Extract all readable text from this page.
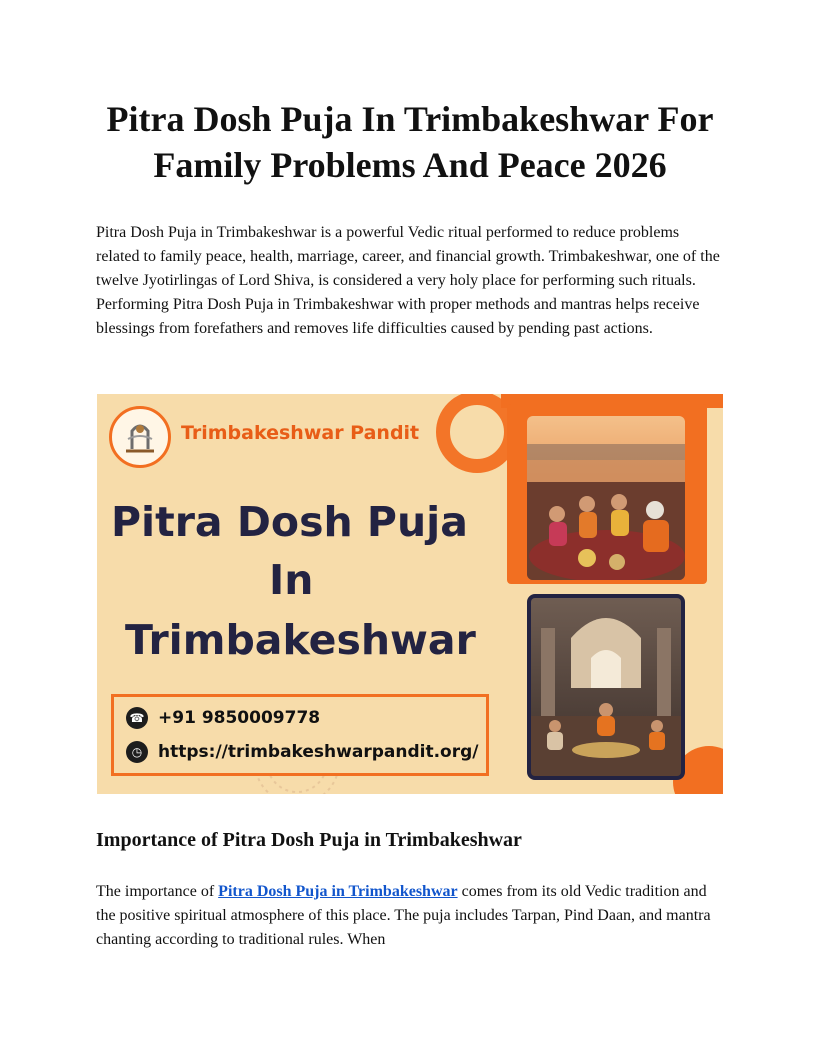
Pitra Dosh Puja In Trimbakeshwar For Family Problems And Peace 2026

Pitra Dosh Puja in Trimbakeshwar is a powerful Vedic ritual performed to reduce problems related to family peace, health, marriage, career, and financial growth. Trimbakeshwar, one of the twelve Jyotirlingas of Lord Shiva, is considered a very holy place for performing such rituals. Performing Pitra Dosh Puja in Trimbakeshwar with proper methods and mantras helps receive blessings from forefathers and removes life difficulties caused by pending past actions.

Trimbakeshwar Pandit
Pitra Dosh Puja
In
Trimbakeshwar
☎ +91 9850009778
◷ https://trimbakeshwarpandit.org/
Importance of Pitra Dosh Puja in Trimbakeshwar

The importance of Pitra Dosh Puja in Trimbakeshwar comes from its old Vedic tradition and the positive spiritual atmosphere of this place. The puja includes Tarpan, Pind Daan, and mantra chanting according to traditional rules. When
